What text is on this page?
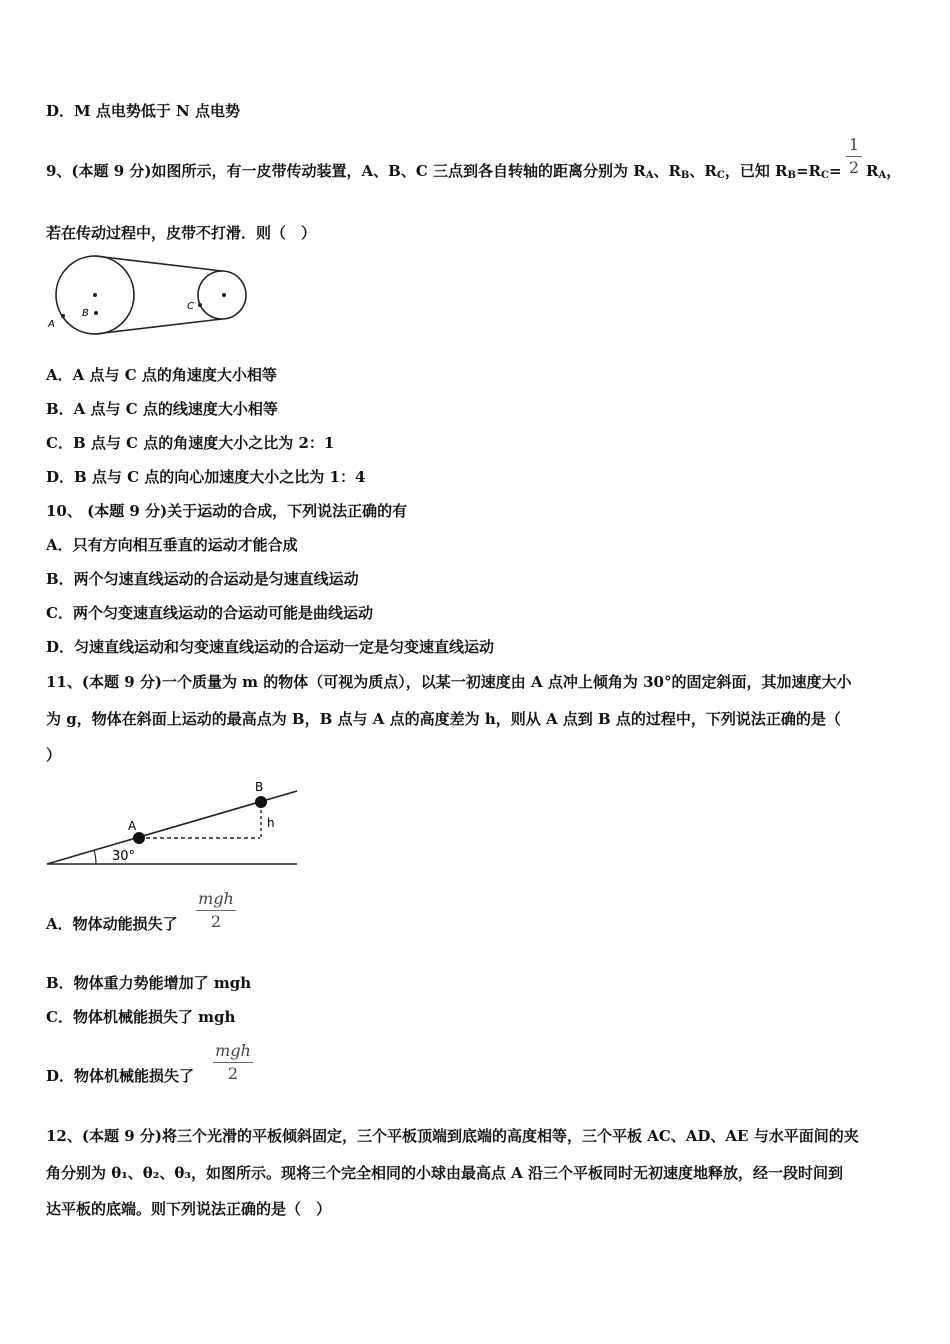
D．M 点电势低于 N 点电势
9、(本题 9 分)如图所示，有一皮带传动装置，A、B、C 三点到各自转轴的距离分别为 $R_A$、$R_B$、$R_C$，已知 $R_B=R_C=$
1
2 $R_A$，
若在传动过程中，皮带不打滑．则（　）
A
B
C
A．A 点与 C 点的角速度大小相等
B．A 点与 C 点的线速度大小相等
C．B 点与 C 点的角速度大小之比为 2：1
D．B 点与 C 点的向心加速度大小之比为 1：4
10、 (本题 9 分)关于运动的合成，下列说法正确的有
A．只有方向相互垂直的运动才能合成
B．两个匀速直线运动的合运动是匀速直线运动
C．两个匀变速直线运动的合运动可能是曲线运动
D．匀速直线运动和匀变速直线运动的合运动一定是匀变速直线运动
11、(本题 9 分)一个质量为 m 的物体（可视为质点），以某一初速度由 A 点冲上倾角为 30°的固定斜面，其加速度大小
为 g，物体在斜面上运动的最高点为 B，B 点与 A 点的高度差为 h，则从 A 点到 B 点的过程中，下列说法正确的是（
）
A
B
h
30°
A．物体动能损失了
mgh
2
B．物体重力势能增加了 mgh
C．物体机械能损失了 mgh
D．物体机械能损失了
mgh
2
12、(本题 9 分)将三个光滑的平板倾斜固定，三个平板顶端到底端的高度相等，三个平板 AC、AD、AE 与水平面间的夹
角分别为 θ₁、θ₂、θ₃，如图所示。现将三个完全相同的小球由最高点 A 沿三个平板同时无初速度地释放，经一段时间到
达平板的底端。则下列说法正确的是（　）
